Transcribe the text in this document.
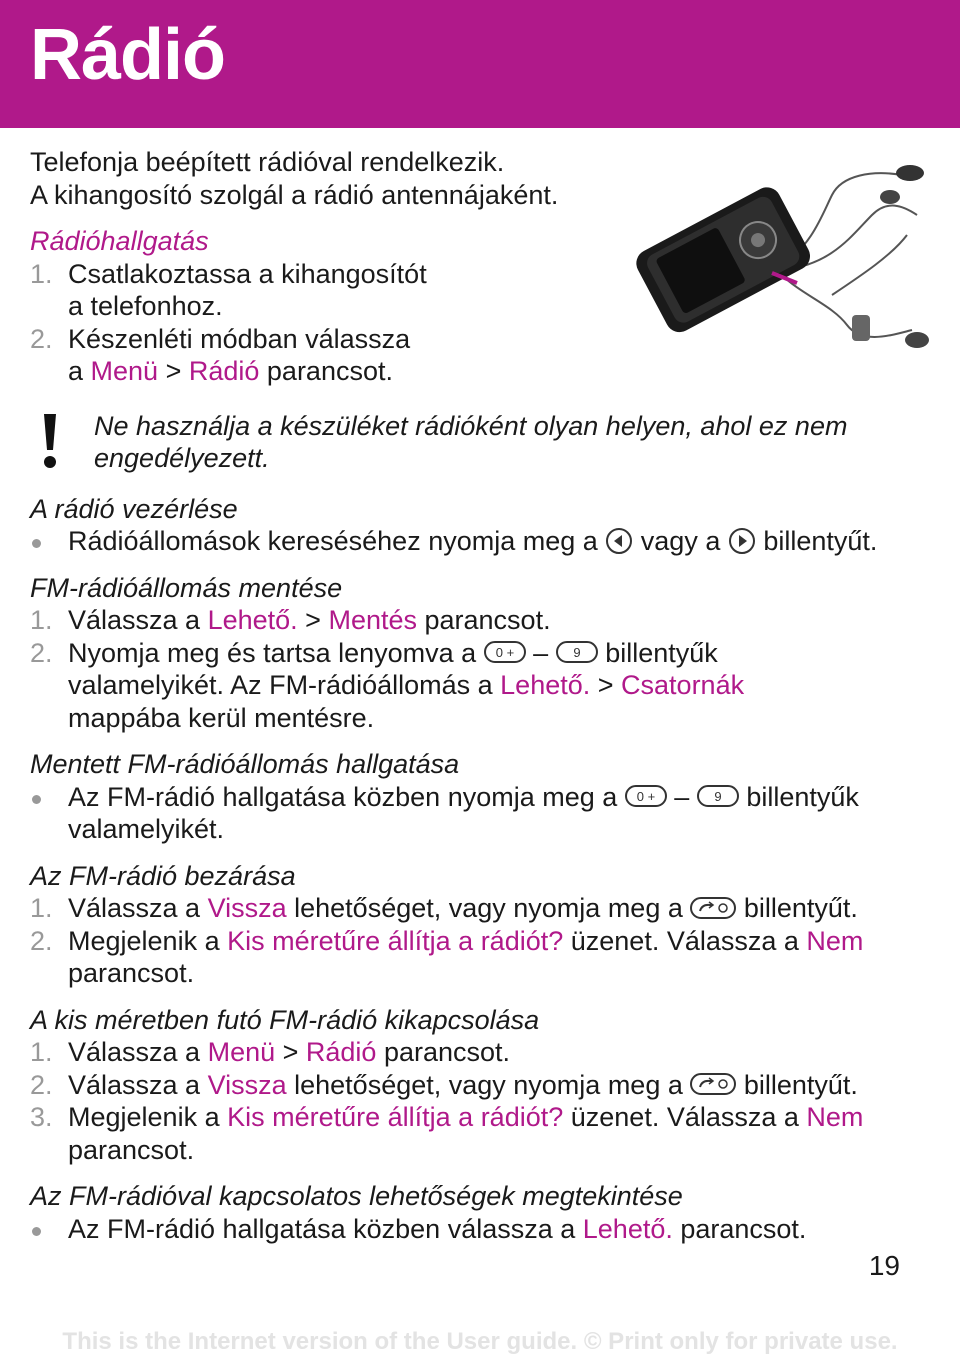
Rádió

Telefonja beépített rádióval rendelkezik.

A kihangosító szolgál a rádió antennájaként.

Rádióhallgatás

1. Csatlakoztassa a kihangosítót
a telefonhoz.
2. Készenléti módban válassza
a Menü > Rádió parancsot.
Ne használja a készüléket rádióként olyan helyen, ahol ez nem engedélyezett.

A rádió vezérlése

Rádióállomások kereséséhez nyomja meg a  vagy a  billentyűt.

FM-rádióállomás mentése

1. Válassza a Lehető. > Mentés parancsot.
2. Nyomja meg és tartsa lenyomva a 0 + – 9 billentyűk
valamelyikét. Az FM-rádióállomás a Lehető. > Csatornák
mappába kerül mentésre.

Mentett FM-rádióállomás hallgatása

Az FM-rádió hallgatása közben nyomja meg a 0 + – 9 billentyűk
valamelyikét.

Az FM-rádió bezárása

1. Válassza a Vissza lehetőséget, vagy nyomja meg a  billentyűt.
2. Megjelenik a Kis méretűre állítja a rádiót? üzenet. Válassza a Nem
parancsot.

A kis méretben futó FM-rádió kikapcsolása

1. Válassza a Menü > Rádió parancsot.
2. Válassza a Vissza lehetőséget, vagy nyomja meg a  billentyűt.
3. Megjelenik a Kis méretűre állítja a rádiót? üzenet. Válassza a Nem
parancsot.

Az FM-rádióval kapcsolatos lehetőségek megtekintése

Az FM-rádió hallgatása közben válassza a Lehető. parancsot.
19
This is the Internet version of the User guide. © Print only for private use.
